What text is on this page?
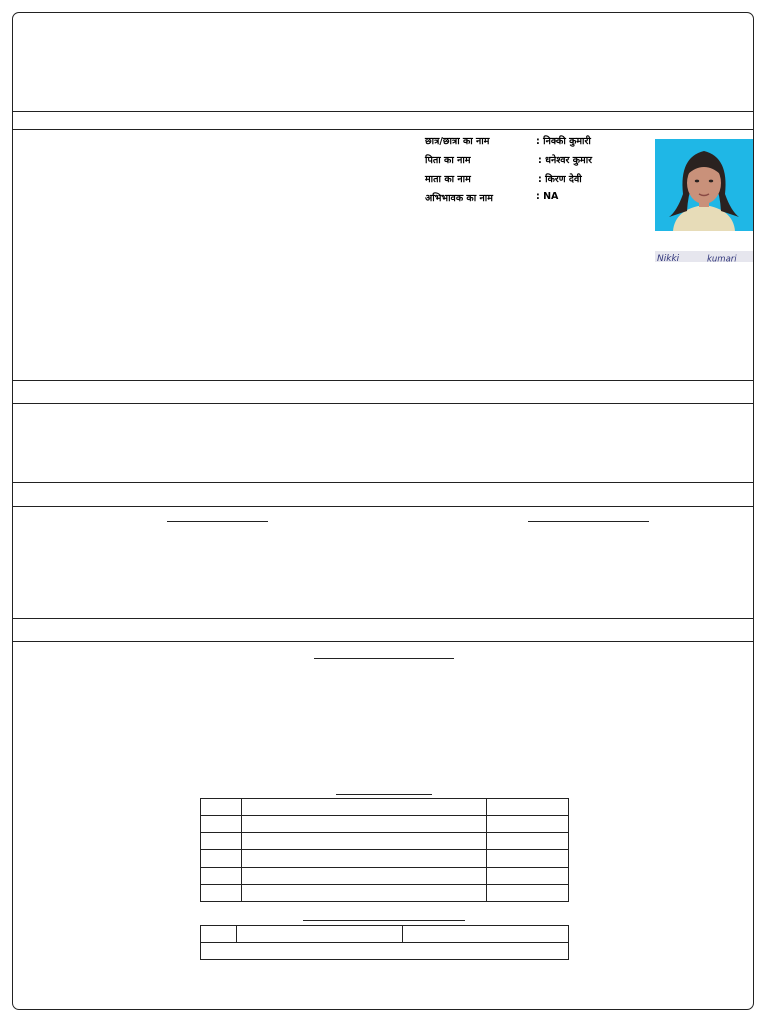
छात्र/छात्रा का नाम	: निक्की कुमारी
पिता का नाम	: धनेश्वर कुमार
माता का नाम	: किरण देवी
अभिभावक का नाम	: NA
Nikki	kumari
